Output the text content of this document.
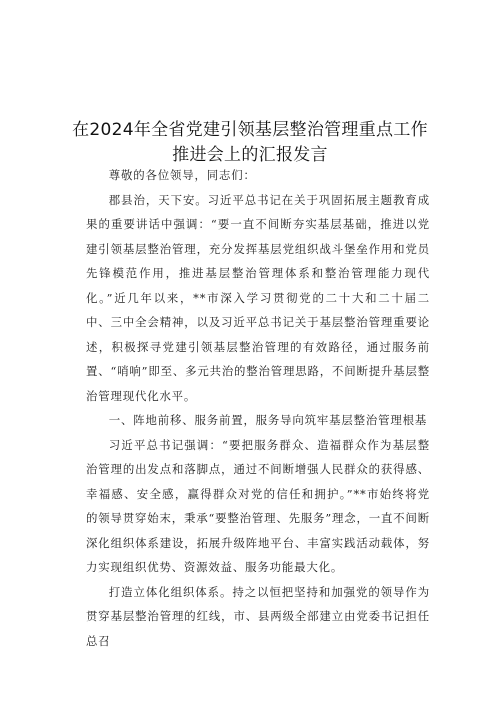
在2024年全省党建引领基层整治管理重点工作
推进会上的汇报发言

尊敬的各位领导，同志们：

郡县治，天下安。习近平总书记在关于巩固拓展主题教育成果的重要讲话中强调：“要一直不间断夯实基层基础，推进以党建引领基层整治管理，充分发挥基层党组织战斗堡垒作用和党员先锋模范作用，推进基层整治管理体系和整治管理能力现代化。”近几年以来，**市深入学习贯彻党的二十大和二十届二中、三中全会精神，以及习近平总书记关于基层整治管理重要论述，积极探寻党建引领基层整治管理的有效路径，通过服务前置、“哨响”即至、多元共治的整治管理思路，不间断提升基层整治管理现代化水平。

一、阵地前移、服务前置，服务导向筑牢基层整治管理根基

习近平总书记强调：“要把服务群众、造福群众作为基层整治管理的出发点和落脚点，通过不间断增强人民群众的获得感、幸福感、安全感，赢得群众对党的信任和拥护。”**市始终将党的领导贯穿始末，秉承“要整治管理、先服务”理念，一直不间断深化组织体系建设，拓展升级阵地平台、丰富实践活动载体，努力实现组织优势、资源效益、服务功能最大化。

打造立体化组织体系。持之以恒把坚持和加强党的领导作为贯穿基层整治管理的红线，市、县两级全部建立由党委书记担任总召
